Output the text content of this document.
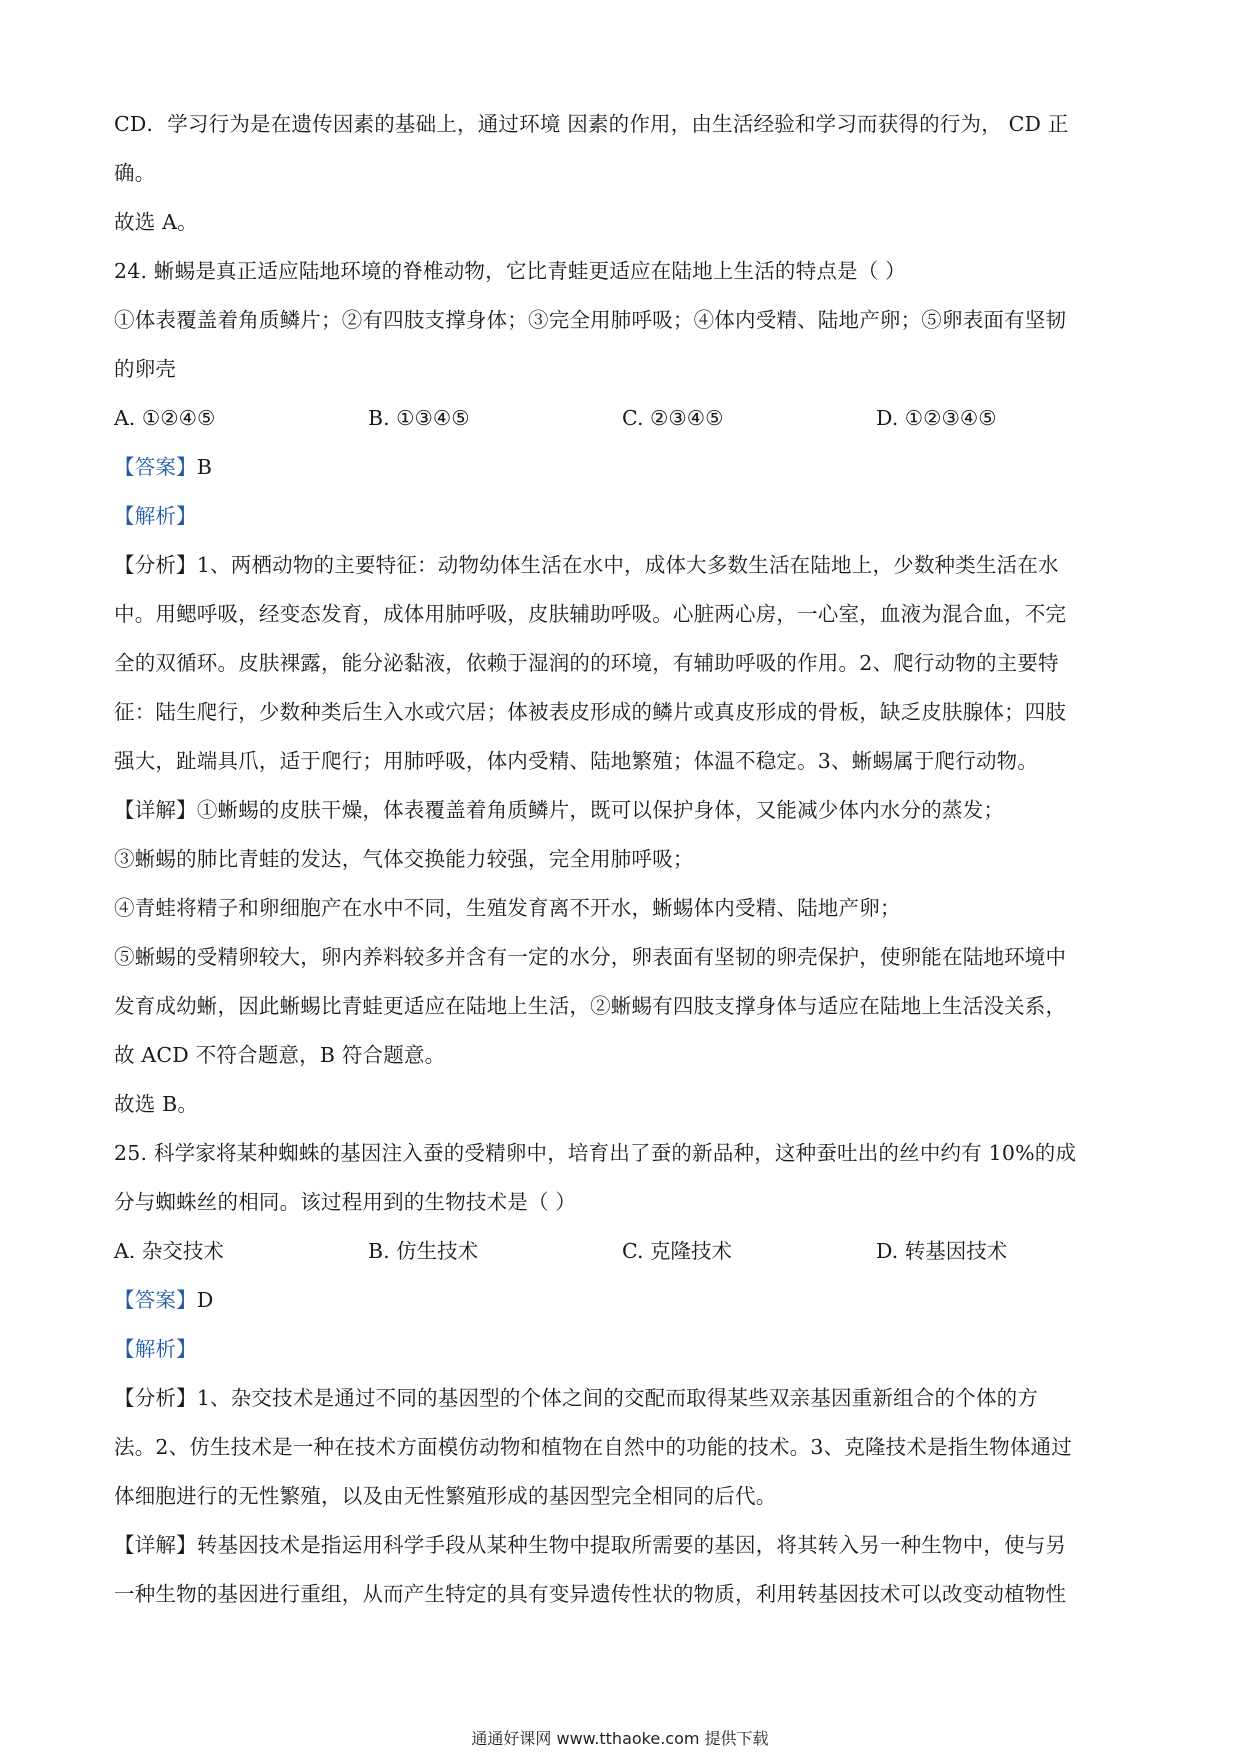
CD．学习行为是在遗传因素的基础上，通过环境 因素的作用，由生活经验和学习而获得的行为， CD 正

确。

故选 A。

24. 蜥蜴是真正适应陆地环境的脊椎动物，它比青蛙更适应在陆地上生活的特点是（ ）

①体表覆盖着角质鳞片；②有四肢支撑身体；③完全用肺呼吸；④体内受精、陆地产卵；⑤卵表面有坚韧

的卵壳

A. ①②④⑤	B. ①③④⑤	C. ②③④⑤	D. ①②③④⑤

【答案】B

【解析】

【分析】1、两栖动物的主要特征：动物幼体生活在水中，成体大多数生活在陆地上，少数种类生活在水

中。用鳃呼吸，经变态发育，成体用肺呼吸，皮肤辅助呼吸。心脏两心房，一心室，血液为混合血，不完

全的双循环。皮肤裸露，能分泌黏液，依赖于湿润的的环境，有辅助呼吸的作用。2、爬行动物的主要特

征：陆生爬行，少数种类后生入水或穴居；体被表皮形成的鳞片或真皮形成的骨板，缺乏皮肤腺体；四肢

强大，趾端具爪，适于爬行；用肺呼吸，体内受精、陆地繁殖；体温不稳定。3、蜥蜴属于爬行动物。

【详解】①蜥蜴的皮肤干燥，体表覆盖着角质鳞片，既可以保护身体，又能减少体内水分的蒸发；

③蜥蜴的肺比青蛙的发达，气体交换能力较强，完全用肺呼吸；

④青蛙将精子和卵细胞产在水中不同，生殖发育离不开水，蜥蜴体内受精、陆地产卵；

⑤蜥蜴的受精卵较大，卵内养料较多并含有一定的水分，卵表面有坚韧的卵壳保护，使卵能在陆地环境中

发育成幼蜥，因此蜥蜴比青蛙更适应在陆地上生活，②蜥蜴有四肢支撑身体与适应在陆地上生活没关系，

故 ACD 不符合题意，B 符合题意。

故选 B。

25. 科学家将某种蜘蛛的基因注入蚕的受精卵中，培育出了蚕的新品种，这种蚕吐出的丝中约有 10%的成

分与蜘蛛丝的相同。该过程用到的生物技术是（ ）

A. 杂交技术	B. 仿生技术	C. 克隆技术	D. 转基因技术

【答案】D

【解析】

【分析】1、杂交技术是通过不同的基因型的个体之间的交配而取得某些双亲基因重新组合的个体的方

法。2、仿生技术是一种在技术方面模仿动物和植物在自然中的功能的技术。3、克隆技术是指生物体通过

体细胞进行的无性繁殖，以及由无性繁殖形成的基因型完全相同的后代。

【详解】转基因技术是指运用科学手段从某种生物中提取所需要的基因，将其转入另一种生物中，使与另

一种生物的基因进行重组，从而产生特定的具有变异遗传性状的物质，利用转基因技术可以改变动植物性

通通好课网 www.tthaoke.com 提供下载
